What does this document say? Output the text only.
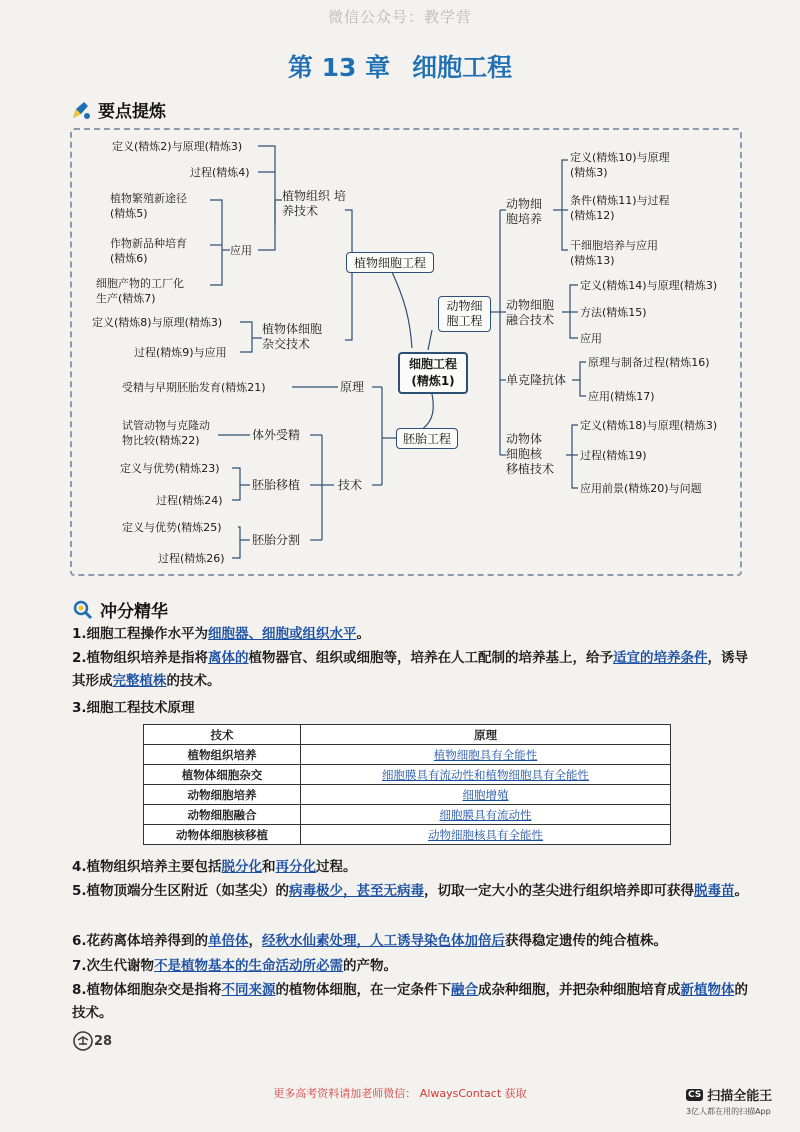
微信公众号：教学营
第 13 章 细胞工程
要点提炼
定义(精炼2)与原理(精炼3)
过程(精炼4)
植物组织 培养技术
植物繁殖新途径
(精炼5)
作物新品种培育
(精炼6)
应用
细胞产物的工厂化
生产(精炼7)
定义(精炼8)与原理(精炼3)
过程(精炼9)与应用
植物体细胞
杂交技术
植物细胞工程
细胞工程
(精炼1)
动物细
胞工程
动物细
胞培养
定义(精炼10)与原理
(精炼3)
条件(精炼11)与过程
(精炼12)
干细胞培养与应用
(精炼13)
动物细胞
融合技术
定义(精炼14)与原理(精炼3)
方法(精炼15)
应用
单克隆抗体
原理与制备过程(精炼16)
应用(精炼17)
动物体
细胞核
移植技术
定义(精炼18)与原理(精炼3)
过程(精炼19)
应用前景(精炼20)与问题
胚胎工程
原理
受精与早期胚胎发育(精炼21)
技术
体外受精
试管动物与克隆动
物比较(精炼22)
胚胎移植
定义与优势(精炼23)
过程(精炼24)
胚胎分割
定义与优势(精炼25)
过程(精炼26)
冲分精华
1.细胞工程操作水平为细胞器、细胞或组织水平。
2.植物组织培养是指将离体的植物器官、组织或细胞等，培养在人工配制的培养基上，给予适宜的培养条件，诱导其形成完整植株的技术。
3.细胞工程技术原理
技术	原理
植物组织培养	植物细胞具有全能性
植物体细胞杂交	细胞膜具有流动性和植物细胞具有全能性
动物细胞培养	细胞增殖
动物细胞融合	细胞膜具有流动性
动物体细胞核移植	动物细胞核具有全能性
4.植物组织培养主要包括脱分化和再分化过程。
5.植物顶端分生区附近（如茎尖）的病毒极少，甚至无病毒，切取一定大小的茎尖进行组织培养即可获得脱毒苗。
6.花药离体培养得到的单倍体，经秋水仙素处理，人工诱导染色体加倍后获得稳定遗传的纯合植株。
7.次生代谢物不是植物基本的生命活动所必需的产物。
8.植物体细胞杂交是指将不同来源的植物体细胞，在一定条件下融合成杂种细胞，并把杂种细胞培育成新植物体的技术。
28
更多高考资料请加老师微信： AlwaysContact 获取	CS 扫描全能王
3亿人都在用的扫描App
